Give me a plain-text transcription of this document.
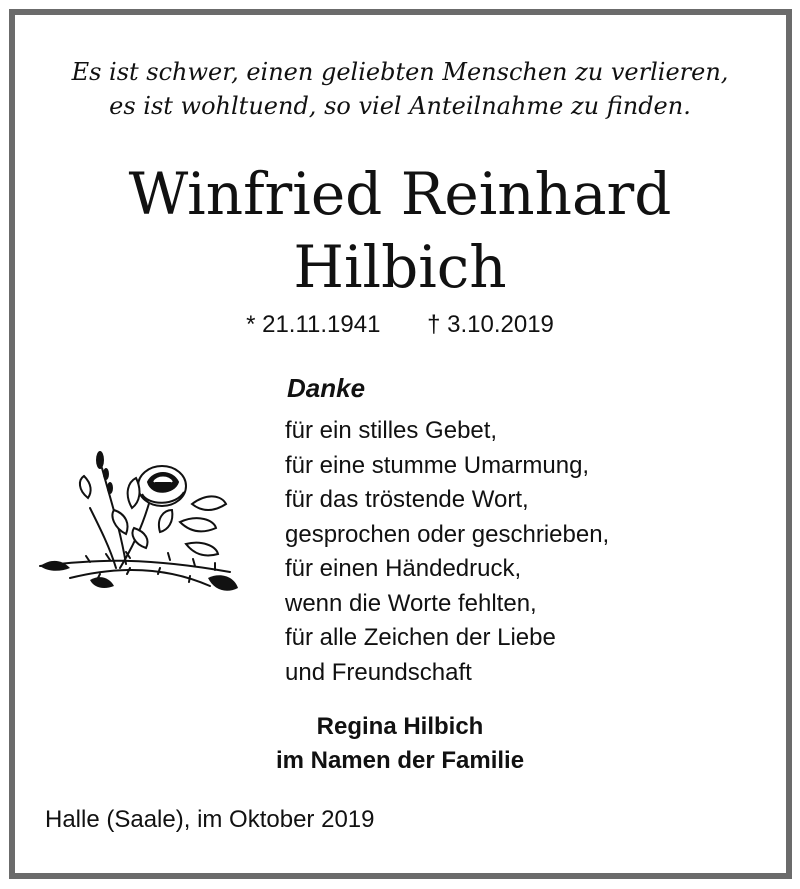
Es ist schwer, einen geliebten Menschen zu verlieren,
es ist wohltuend, so viel Anteilnahme zu finden.
Winfried Reinhard
Hilbich
* 21.11.1941 † 3.10.2019
Danke
für ein stilles Gebet,
für eine stumme Umarmung,
für das tröstende Wort,
gesprochen oder geschrieben,
für einen Händedruck,
wenn die Worte fehlten,
für alle Zeichen der Liebe
und Freundschaft
Regina Hilbich
im Namen der Familie
Halle (Saale), im Oktober 2019
